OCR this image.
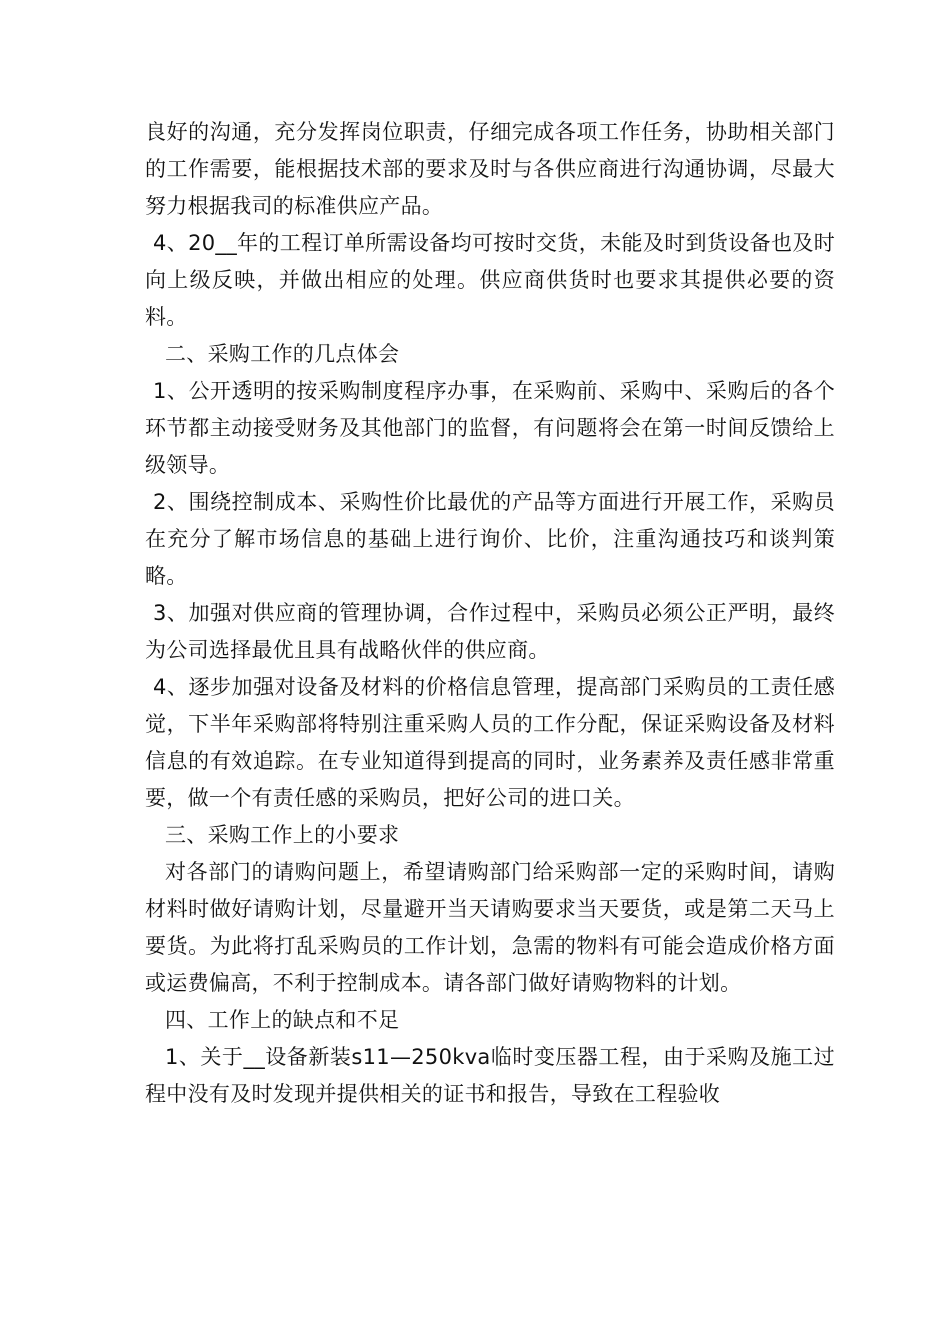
良好的沟通，充分发挥岗位职责，仔细完成各项工作任务，协助相关部门的工作需要，能根据技术部的要求及时与各供应商进行沟通协调，尽最大努力根据我司的标准供应产品。

4、20__年的工程订单所需设备均可按时交货，未能及时到货设备也及时向上级反映，并做出相应的处理。供应商供货时也要求其提供必要的资料。

二、采购工作的几点体会

1、公开透明的按采购制度程序办事，在采购前、采购中、采购后的各个环节都主动接受财务及其他部门的监督，有问题将会在第一时间反馈给上级领导。

2、围绕控制成本、采购性价比最优的产品等方面进行开展工作，采购员在充分了解市场信息的基础上进行询价、比价，注重沟通技巧和谈判策略。

3、加强对供应商的管理协调，合作过程中，采购员必须公正严明，最终为公司选择最优且具有战略伙伴的供应商。

4、逐步加强对设备及材料的价格信息管理，提高部门采购员的工责任感觉，下半年采购部将特别注重采购人员的工作分配，保证采购设备及材料信息的有效追踪。在专业知道得到提高的同时，业务素养及责任感非常重要，做一个有责任感的采购员，把好公司的进口关。

三、采购工作上的小要求

对各部门的请购问题上，希望请购部门给采购部一定的采购时间，请购材料时做好请购计划，尽量避开当天请购要求当天要货，或是第二天马上要货。为此将打乱采购员的工作计划，急需的物料有可能会造成价格方面或运费偏高，不利于控制成本。请各部门做好请购物料的计划。

四、工作上的缺点和不足

1、关于__设备新装s11—250kva临时变压器工程，由于采购及施工过程中没有及时发现并提供相关的证书和报告，导致在工程验收
